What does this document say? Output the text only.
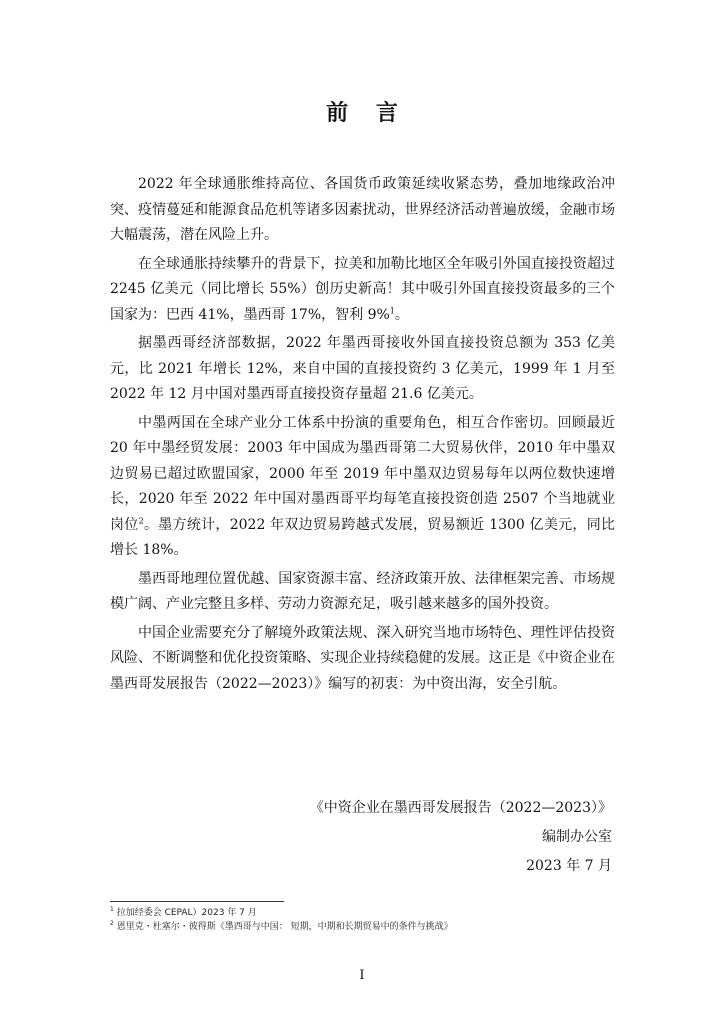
前 言

2022 年全球通胀维持高位、各国货币政策延续收紧态势，叠加地缘政治冲突、疫情蔓延和能源食品危机等诸多因素扰动，世界经济活动普遍放缓，金融市场大幅震荡，潜在风险上升。

在全球通胀持续攀升的背景下，拉美和加勒比地区全年吸引外国直接投资超过 2245 亿美元（同比增长 55%）创历史新高！其中吸引外国直接投资最多的三个国家为：巴西 41%，墨西哥 17%，智利 9%$^1$。

据墨西哥经济部数据，2022 年墨西哥接收外国直接投资总额为 353 亿美元，比 2021 年增长 12%，来自中国的直接投资约 3 亿美元，1999 年 1 月至 2022 年 12 月中国对墨西哥直接投资存量超 21.6 亿美元。

中墨两国在全球产业分工体系中扮演的重要角色，相互合作密切。回顾最近 20 年中墨经贸发展：2003 年中国成为墨西哥第二大贸易伙伴，2010 年中墨双边贸易已超过欧盟国家，2000 年至 2019 年中墨双边贸易每年以两位数快速增长，2020 年至 2022 年中国对墨西哥平均每笔直接投资创造 2507 个当地就业岗位$^2$。墨方统计，2022 年双边贸易跨越式发展，贸易额近 1300 亿美元，同比增长 18%。

墨西哥地理位置优越、国家资源丰富、经济政策开放、法律框架完善、市场规模广阔、产业完整且多样、劳动力资源充足，吸引越来越多的国外投资。

中国企业需要充分了解境外政策法规、深入研究当地市场特色、理性评估投资风险、不断调整和优化投资策略、实现企业持续稳健的发展。这正是《中资企业在墨西哥发展报告（2022—2023）》编写的初衷：为中资出海，安全引航。

《中资企业在墨西哥发展报告（2022—2023）》
编制办公室
2023 年 7 月
$^1$ 拉加经委会 CEPAL）2023 年 7 月
$^2$ 恩里克・杜塞尔・彼得斯《墨西哥与中国： 短期，中期和长期贸易中的条件与挑战》
I
